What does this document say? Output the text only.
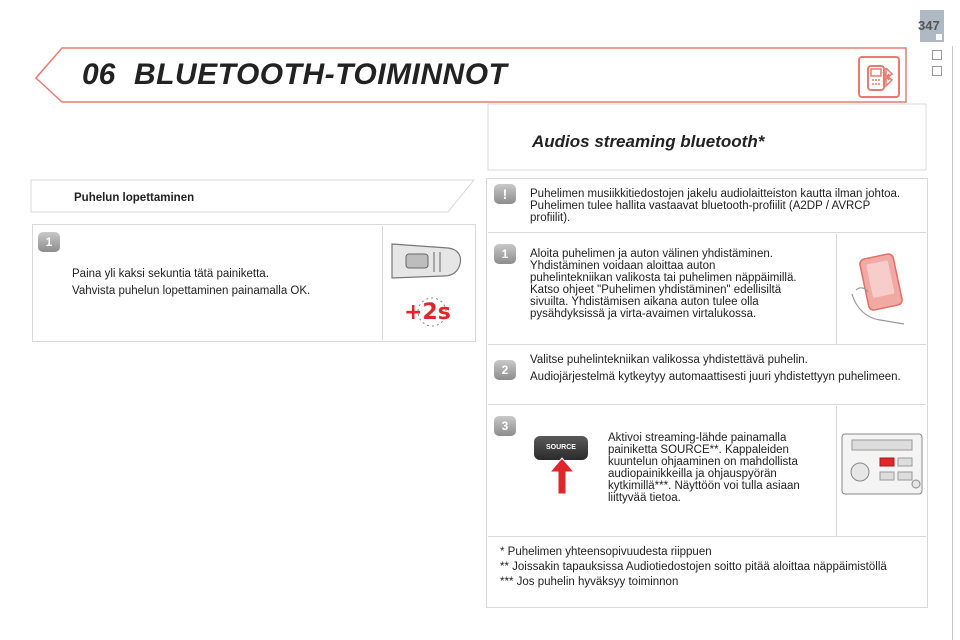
347
06 BLUETOOTH-TOIMINNOT
Puhelun lopettaminen
1

Paina yli kaksi sekuntia tätä painiketta.

Vahvista puhelun lopettaminen painamalla OK.

+2s
Audios streaming bluetooth*
!	Puhelimen musiikkitiedostojen jakelu audiolaitteiston kautta ilman johtoa. Puhelimen tulee hallita vastaavat bluetooth-profiilit (A2DP / AVRCP profiilit).
1	Aloita puhelimen ja auton välinen yhdistäminen. Yhdistäminen voidaan aloittaa auton puhelintekniikan valikosta tai puhelimen näppäimillä. Katso ohjeet "Puhelimen yhdistäminen" edellisiltä sivuilta. Yhdistämisen aikana auton tulee olla pysähdyksissä ja virta-avaimen virtalukossa.
2

Valitse puhelintekniikan valikossa yhdistettävä puhelin.

Audiojärjestelmä kytkeytyy automaattisesti juuri yhdistettyyn puhelimeen.

3
SOURCE
Aktivoi streaming-lähde painamalla painiketta SOURCE**. Kappaleiden kuuntelun ohjaaminen on mahdollista audiopainikkeilla ja ohjauspyörän kytkimillä***. Näyttöön voi tulla asiaan liittyvää tietoa.

* Puhelimen yhteensopivuudesta riippuen

** Joissakin tapauksissa Audiotiedostojen soitto pitää aloittaa näppäimistöllä

*** Jos puhelin hyväksyy toiminnon
